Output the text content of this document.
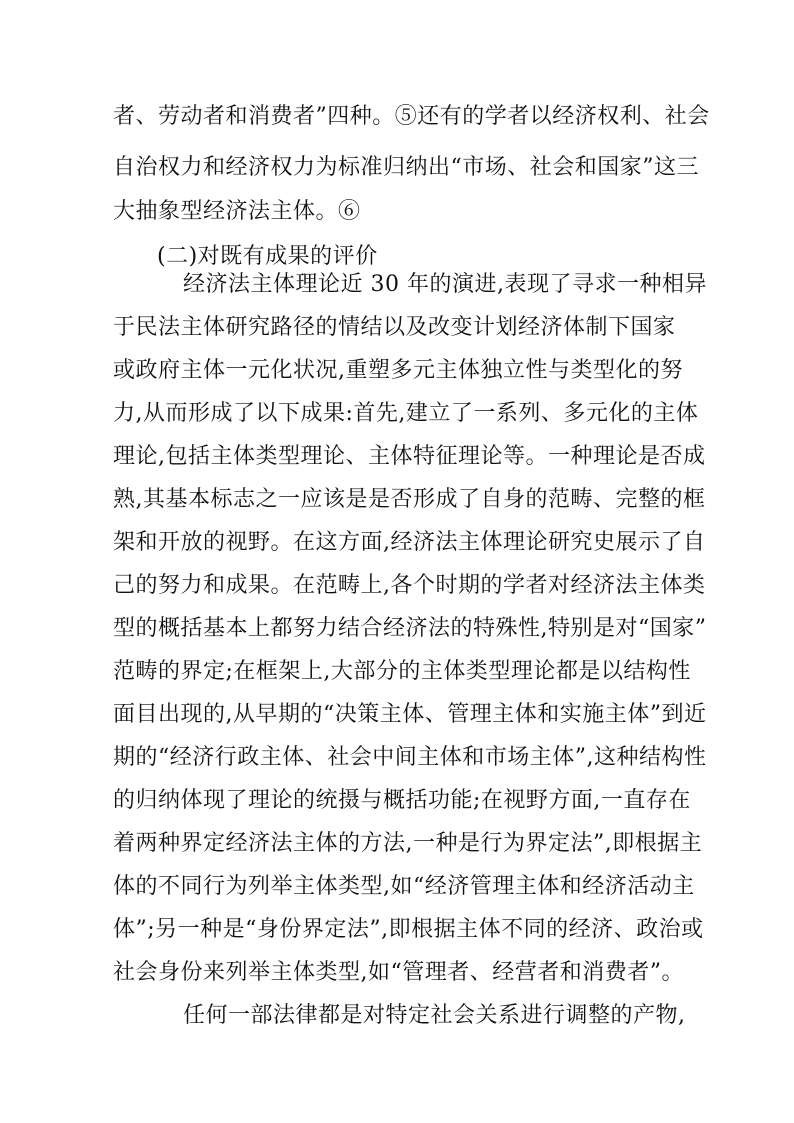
者、劳动者和消费者”四种。⑤还有的学者以经济权利、社会
自治权力和经济权力为标准归纳出“市场、社会和国家”这三
大抽象型经济法主体。⑥
(二)对既有成果的评价
经济法主体理论近 30 年的演进,表现了寻求一种相异
于民法主体研究路径的情结以及改变计划经济体制下国家
或政府主体一元化状况,重塑多元主体独立性与类型化的努
力,从而形成了以下成果:首先,建立了一系列、多元化的主体
理论,包括主体类型理论、主体特征理论等。一种理论是否成
熟,其基本标志之一应该是是否形成了自身的范畴、完整的框
架和开放的视野。在这方面,经济法主体理论研究史展示了自
己的努力和成果。在范畴上,各个时期的学者对经济法主体类
型的概括基本上都努力结合经济法的特殊性,特别是对“国家”
范畴的界定;在框架上,大部分的主体类型理论都是以结构性
面目出现的,从早期的“决策主体、管理主体和实施主体”到近
期的“经济行政主体、社会中间主体和市场主体”,这种结构性
的归纳体现了理论的统摄与概括功能;在视野方面,一直存在
着两种界定经济法主体的方法,一种是行为界定法”,即根据主
体的不同行为列举主体类型,如“经济管理主体和经济活动主
体”;另一种是“身份界定法”,即根据主体不同的经济、政治或
社会身份来列举主体类型,如“管理者、经营者和消费者”。
任何一部法律都是对特定社会关系进行调整的产物,
